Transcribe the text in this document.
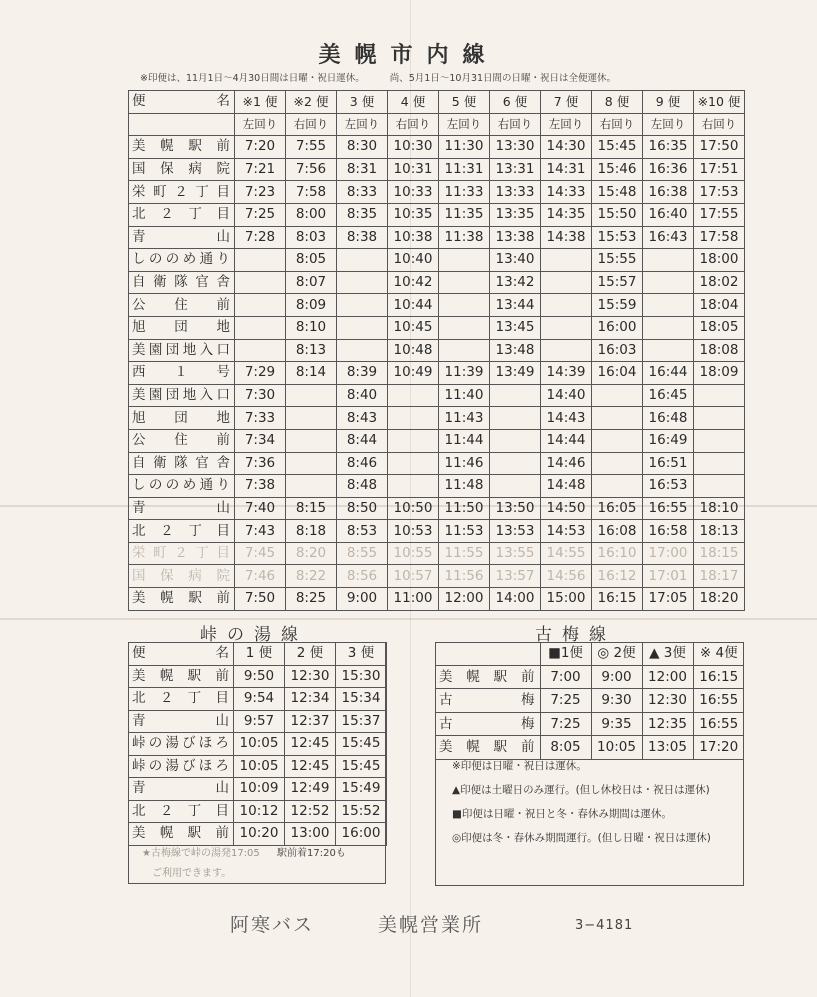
美幌市内線
※印便は、11月1日～4月30日間は日曜・祝日運休。	尚、5月1日～10月31日間の日曜・祝日は全便運休。
便　　名	※1 便	※2 便	3 便	4 便	5 便	6 便	7 便	8 便	9 便	※10 便
	左回り	右回り	左回り	右回り	左回り	右回り	左回り	右回り	左回り	右回り
美幌駅前	7:20	7:55	8:30	10:30	11:30	13:30	14:30	15:45	16:35	17:50
国保病院	7:21	7:56	8:31	10:31	11:31	13:31	14:31	15:46	16:36	17:51
栄町２丁目	7:23	7:58	8:33	10:33	11:33	13:33	14:33	15:48	16:38	17:53
北２丁目	7:25	8:00	8:35	10:35	11:35	13:35	14:35	15:50	16:40	17:55
青山	7:28	8:03	8:38	10:38	11:38	13:38	14:38	15:53	16:43	17:58
しののめ通り		8:05		10:40		13:40		15:55		18:00
自衛隊官舎		8:07		10:42		13:42		15:57		18:02
公住前		8:09		10:44		13:44		15:59		18:04
旭団地		8:10		10:45		13:45		16:00		18:05
美園団地入口		8:13		10:48		13:48		16:03		18:08
西１号	7:29	8:14	8:39	10:49	11:39	13:49	14:39	16:04	16:44	18:09
美園団地入口	7:30		8:40		11:40		14:40		16:45	
旭団地	7:33		8:43		11:43		14:43		16:48	
公住前	7:34		8:44		11:44		14:44		16:49	
自衛隊官舎	7:36		8:46		11:46		14:46		16:51	
しののめ通り	7:38		8:48		11:48		14:48		16:53	
青山	7:40	8:15	8:50	10:50	11:50	13:50	14:50	16:05	16:55	18:10
北２丁目	7:43	8:18	8:53	10:53	11:53	13:53	14:53	16:08	16:58	18:13
栄町２丁目	7:45	8:20	8:55	10:55	11:55	13:55	14:55	16:10	17:00	18:15
国保病院	7:46	8:22	8:56	10:57	11:56	13:57	14:56	16:12	17:01	18:17
美幌駅前	7:50	8:25	9:00	11:00	12:00	14:00	15:00	16:15	17:05	18:20
峠の湯線
便　　名	1 便	2 便	3 便
美幌駅前	9:50	12:30	15:30
北２丁目	9:54	12:34	15:34
青山	9:57	12:37	15:37
峠の湯びほろ	10:05	12:45	15:45
峠の湯びほろ	10:05	12:45	15:45
青山	10:09	12:49	15:49
北２丁目	10:12	12:52	15:52
美幌駅前	10:20	13:00	16:00
★古梅線で峠の湯発17:05 駅前着17:20も
ご利用できます。
古梅線
	■1便	◎ 2便	▲ 3便	※ 4便
美幌駅前	7:00	9:00	12:00	16:15
古梅	7:25	9:30	12:30	16:55
古梅	7:25	9:35	12:35	16:55
美幌駅前	8:05	10:05	13:05	17:20
※印便は日曜・祝日は運休。
▲印便は土曜日のみ運行。(但し休校日は・祝日は運休)
■印便は日曜・祝日と冬・春休み期間は運休。
◎印便は冬・春休み期間運行。(但し日曜・祝日は運休)
阿寒バス	美幌営業所	3−4181
